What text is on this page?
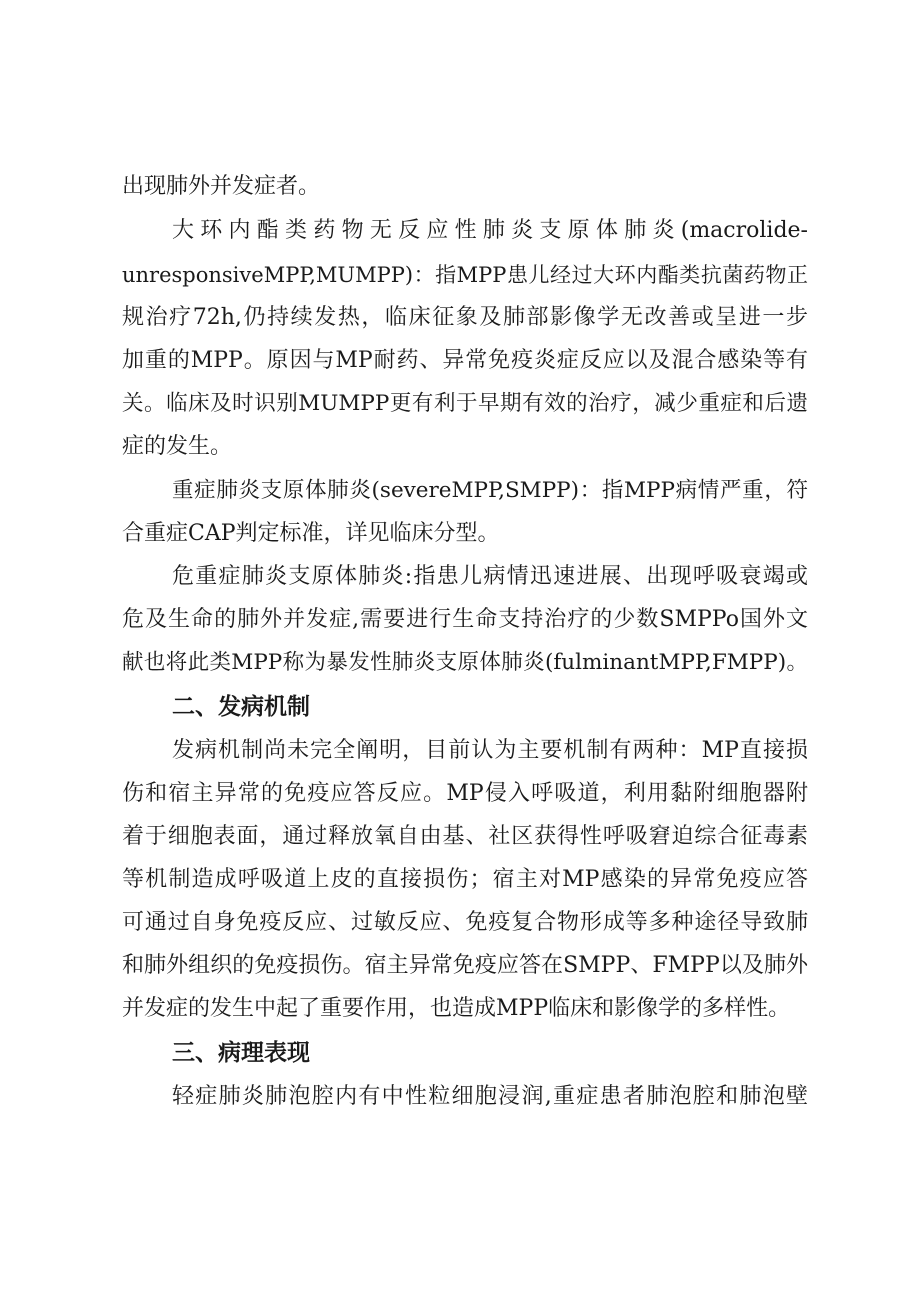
出现肺外并发症者。
大环内酯类药物无反应性肺炎支原体肺炎(macrolide-
unresponsiveMPP,MUMPP)：指MPP患儿经过大环内酯类抗菌药物正
规治疗72h,仍持续发热，临床征象及肺部影像学无改善或呈进一步
加重的MPP。原因与MP耐药、异常免疫炎症反应以及混合感染等有
关。临床及时识别MUMPP更有利于早期有效的治疗，减少重症和后遗
症的发生。
重症肺炎支原体肺炎(severeMPP,SMPP)：指MPP病情严重，符
合重症CAP判定标准，详见临床分型。
危重症肺炎支原体肺炎:指患儿病情迅速进展、出现呼吸衰竭或
危及生命的肺外并发症,需要进行生命支持治疗的少数SMPPo国外文
献也将此类MPP称为暴发性肺炎支原体肺炎(fulminantMPP,FMPP)。
二、发病机制
发病机制尚未完全阐明，目前认为主要机制有两种：MP直接损
伤和宿主异常的免疫应答反应。MP侵入呼吸道，利用黏附细胞器附
着于细胞表面，通过释放氧自由基、社区获得性呼吸窘迫综合征毒素
等机制造成呼吸道上皮的直接损伤；宿主对MP感染的异常免疫应答
可通过自身免疫反应、过敏反应、免疫复合物形成等多种途径导致肺
和肺外组织的免疫损伤。宿主异常免疫应答在SMPP、FMPP以及肺外
并发症的发生中起了重要作用，也造成MPP临床和影像学的多样性。
三、病理表现
轻症肺炎肺泡腔内有中性粒细胞浸润,重症患者肺泡腔和肺泡壁
